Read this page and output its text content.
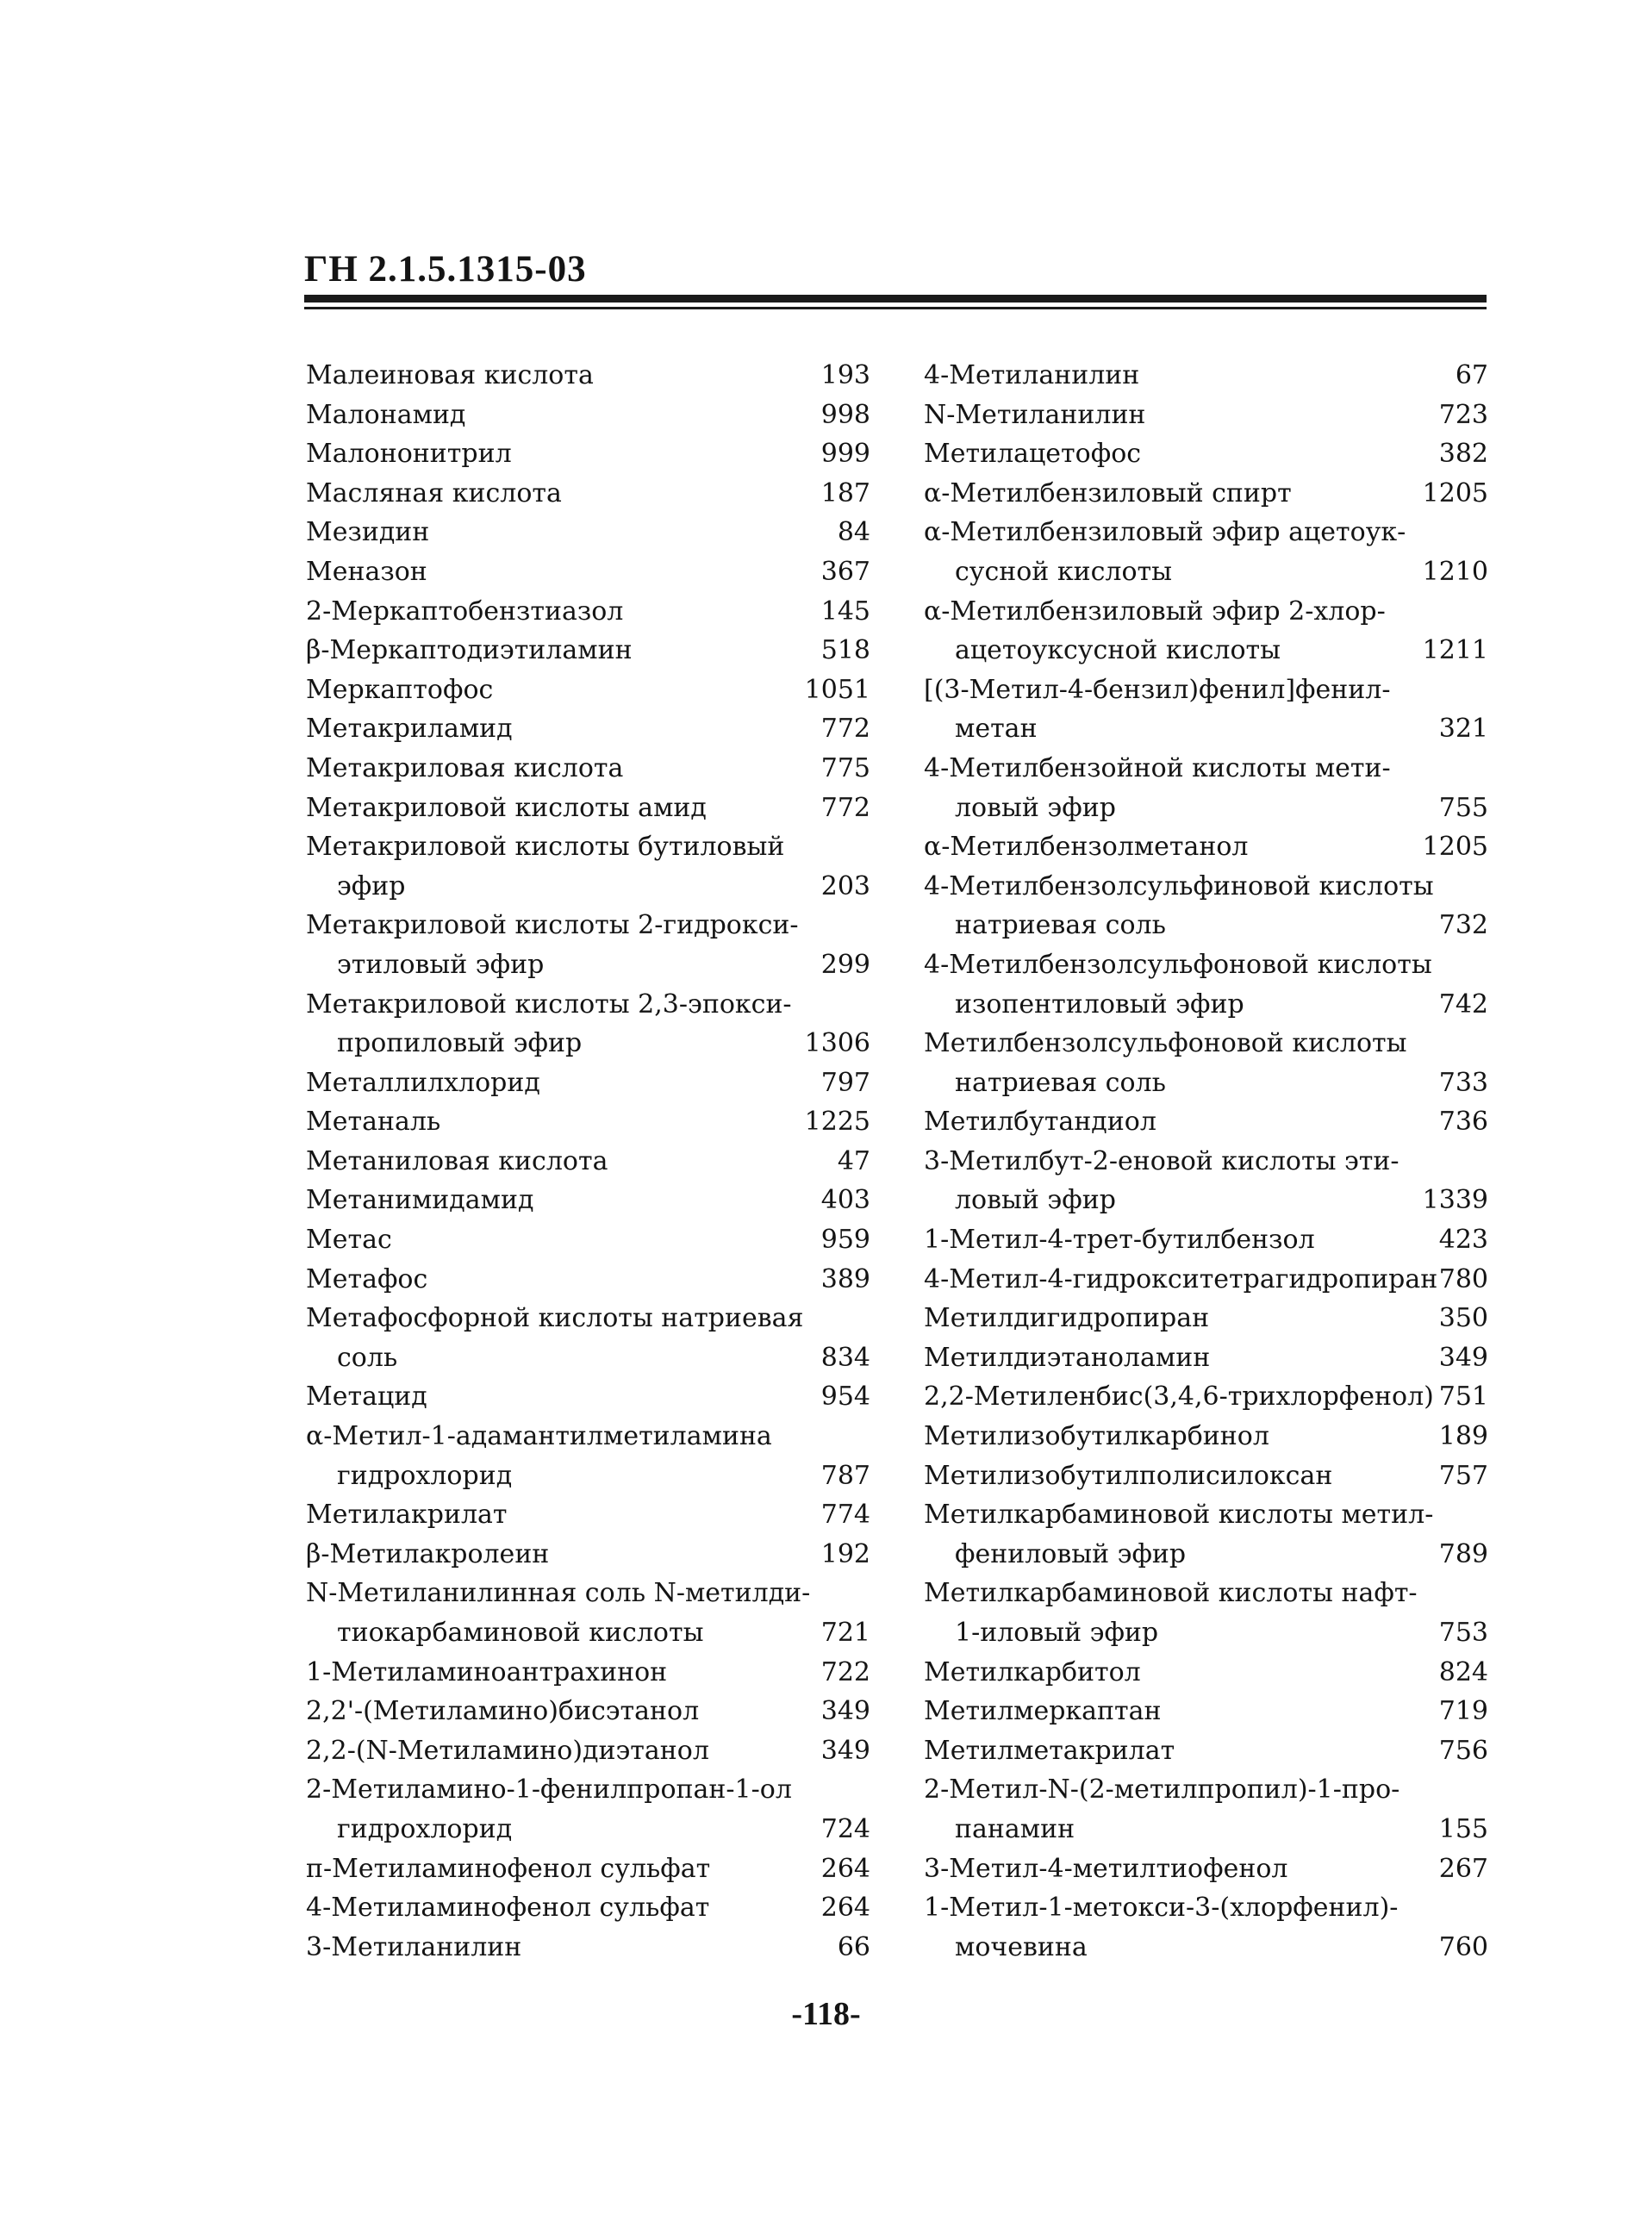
ГН 2.1.5.1315-03
Малеиновая кислота	193
Малонамид	998
Малононитрил	999
Масляная кислота	187
Мезидин	84
Меназон	367
2-Меркаптобензтиазол	145
β-Меркаптодиэтиламин	518
Меркаптофос	1051
Метакриламид	772
Метакриловая кислота	775
Метакриловой кислоты амид	772
Метакриловой кислоты бутиловый
эфир	203
Метакриловой кислоты 2-гидрокси-
этиловый эфир	299
Метакриловой кислоты 2,3-эпокси-
пропиловый эфир	1306
Металлилхлорид	797
Метаналь	1225
Метаниловая кислота	47
Метанимидамид	403
Метас	959
Метафос	389
Метафосфорной кислоты натриевая
соль	834
Метацид	954
α-Метил-1-адамантилметиламина
гидрохлорид	787
Метилакрилат	774
β-Метилакролеин	192
N-Метиланилинная соль N-метилди-
тиокарбаминовой кислоты	721
1-Метиламиноантрахинон	722
2,2'-(Метиламино)бисэтанол	349
2,2-(N-Метиламино)диэтанол	349
2-Метиламино-1-фенилпропан-1-ол
гидрохлорид	724
п-Метиламинофенол сульфат	264
4-Метиламинофенол сульфат	264
3-Метиланилин	66
4-Метиланилин	67
N-Метиланилин	723
Метилацетофос	382
α-Метилбензиловый спирт	1205
α-Метилбензиловый эфир ацетоук-
сусной кислоты	1210
α-Метилбензиловый эфир 2-хлор-
ацетоуксусной кислоты	1211
[(3-Метил-4-бензил)фенил]фенил-
метан	321
4-Метилбензойной кислоты мети-
ловый эфир	755
α-Метилбензолметанол	1205
4-Метилбензолсульфиновой кислоты
натриевая соль	732
4-Метилбензолсульфоновой кислоты
изопентиловый эфир	742
Метилбензолсульфоновой кислоты
натриевая соль	733
Метилбутандиол	736
3-Метилбут-2-еновой кислоты эти-
ловый эфир	1339
1-Метил-4-трет-бутилбензол	423
4-Метил-4-гидрокситетрагидропиран 780
Метилдигидропиран	350
Метилдиэтаноламин	349
2,2-Метиленбис(3,4,6-трихлорфенол) 751
Метилизобутилкарбинол	189
Метилизобутилполисилоксан	757
Метилкарбаминовой кислоты метил-
фениловый эфир	789
Метилкарбаминовой кислоты нафт-
1-иловый эфир	753
Метилкарбитол	824
Метилмеркаптан	719
Метилметакрилат	756
2-Метил-N-(2-метилпропил)-1-про-
панамин	155
3-Метил-4-метилтиофенол	267
1-Метил-1-метокси-3-(хлорфенил)-
мочевина	760
-118-
